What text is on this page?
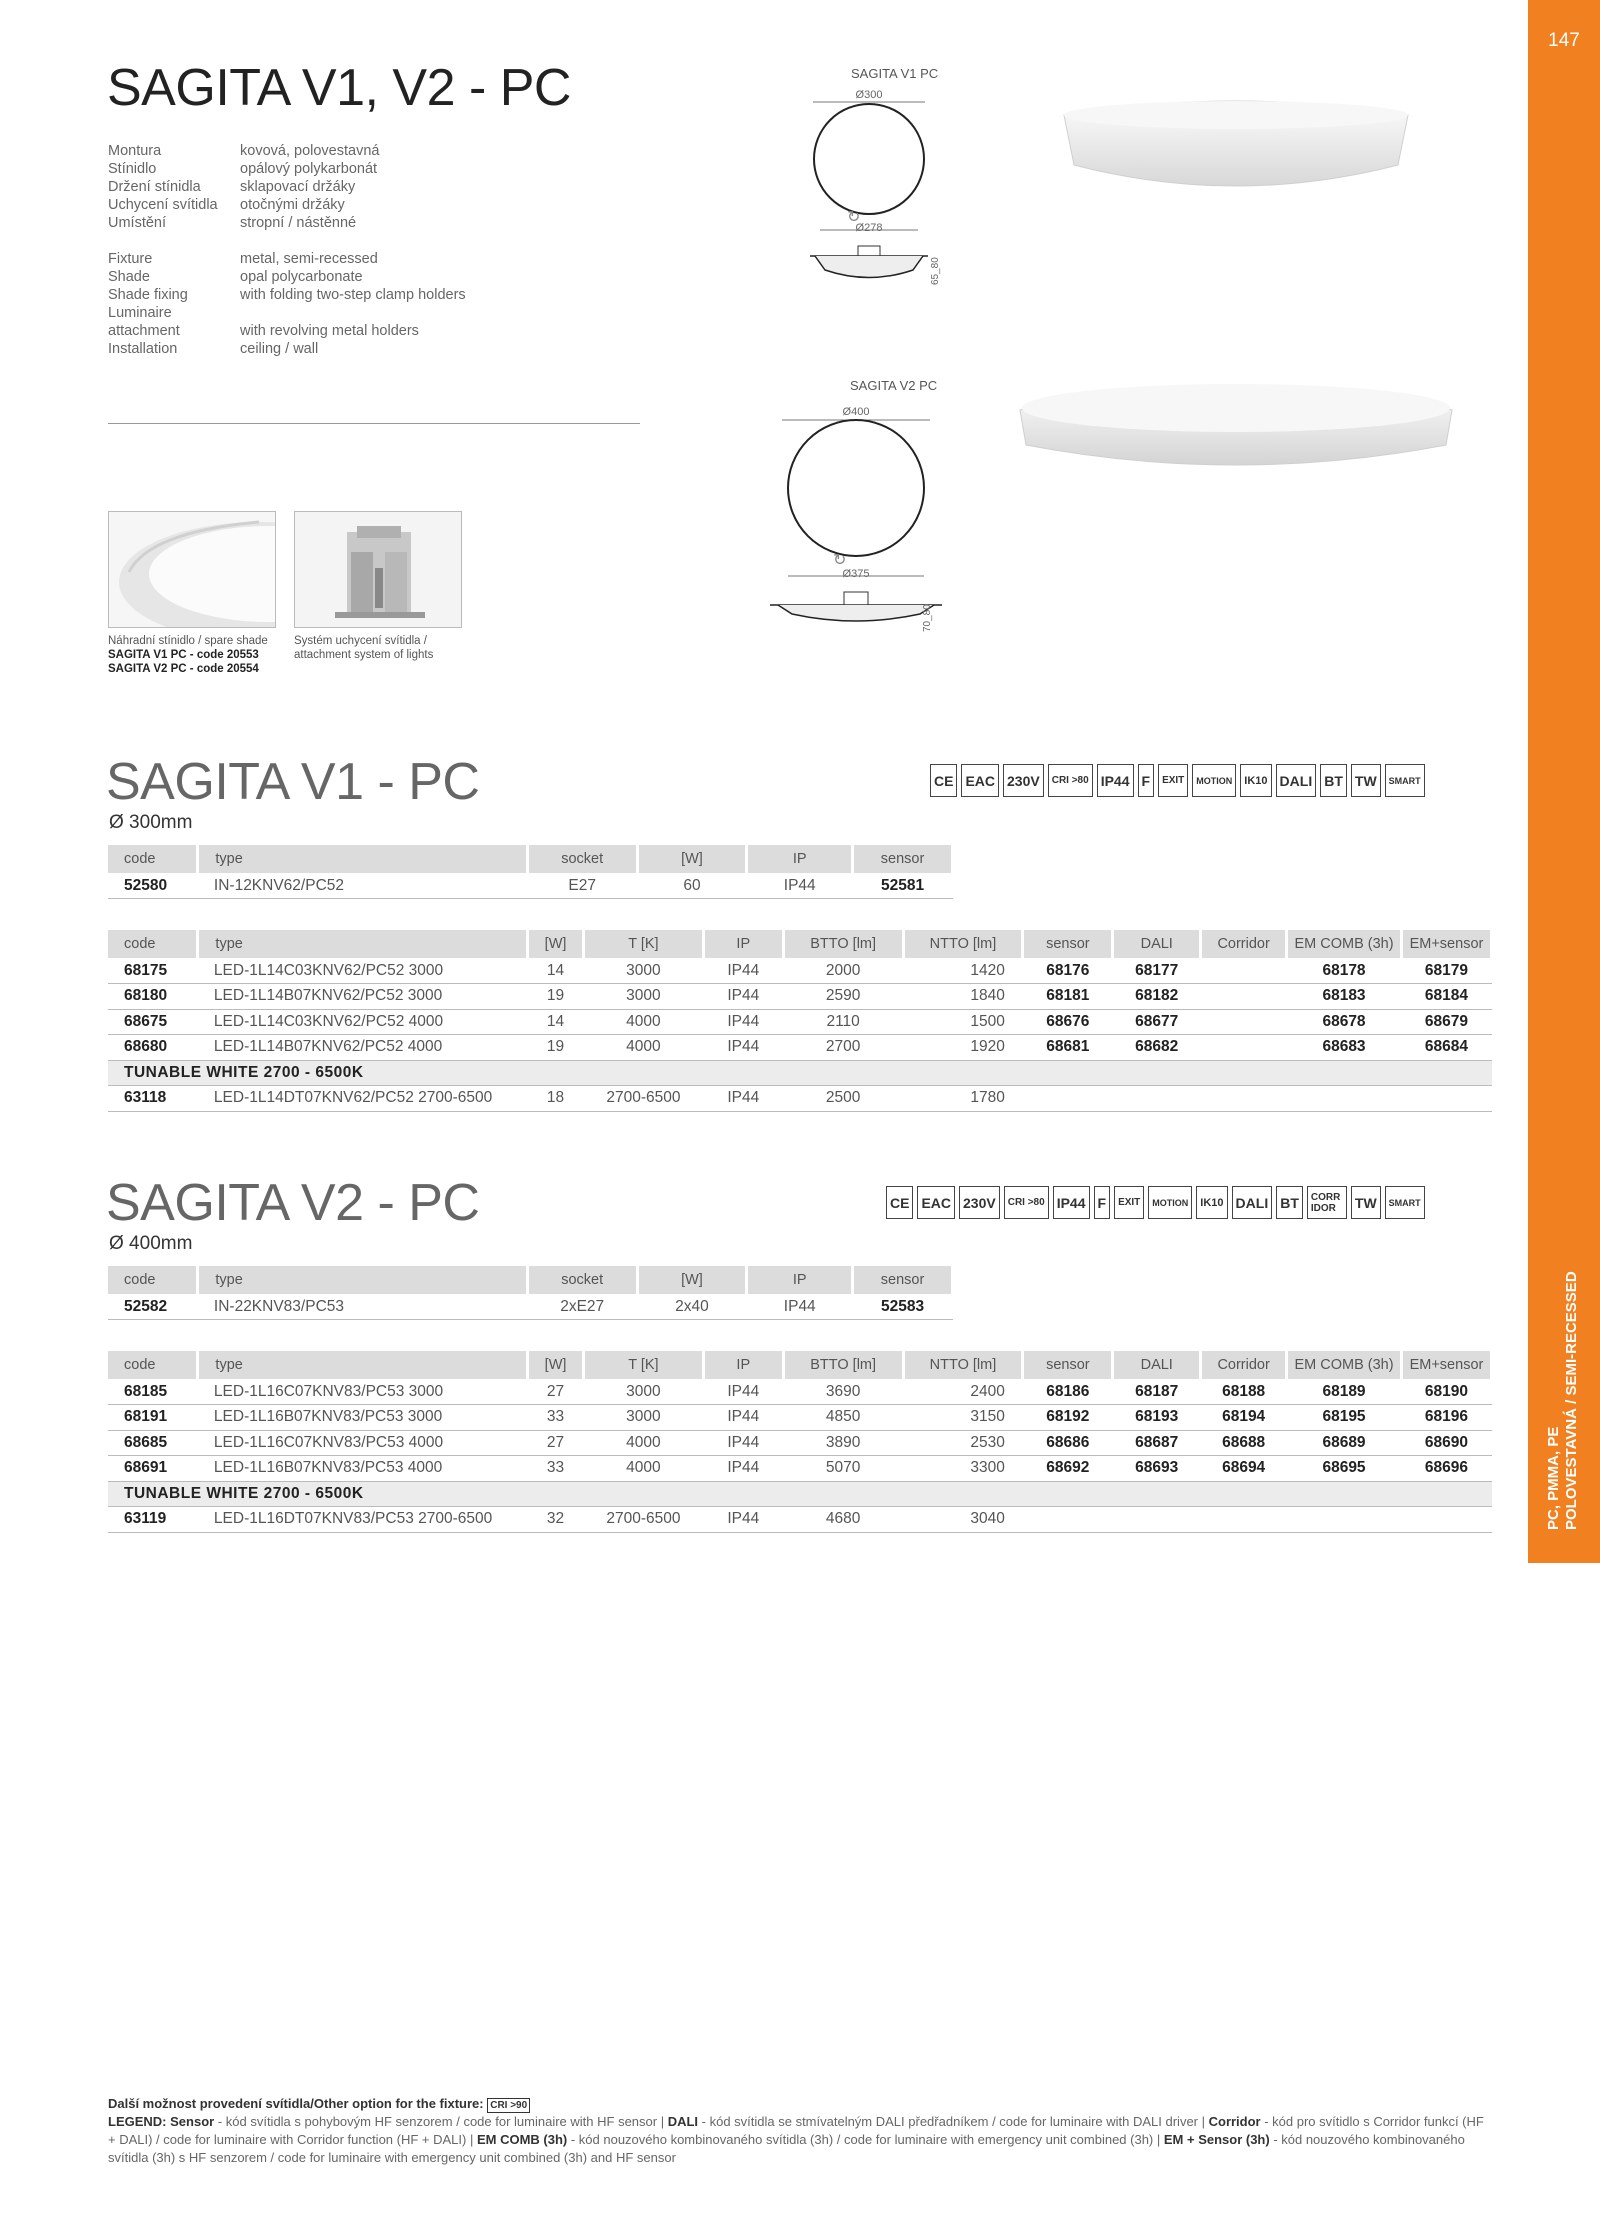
147
PC, PMMA, PE POLOVESTAVNÁ / SEMI-RECESSED
SAGITA V1, V2 - PC
Montura	kovová, polovestavná
Stínidlo	opálový polykarbonát
Držení stínidla	sklapovací držáky
Uchycení svítidla	otočnými držáky
Umístění	stropní / nástěnné
Fixture	metal, semi-recessed
Shade	opal polycarbonate
Shade fixing	with folding two-step clamp holders
Luminaire
attachment	with revolving metal holders
Installation	ceiling / wall
Náhradní stínidlo / spare shade
SAGITA V1 PC - code 20553
SAGITA V2 PC - code 20554
Systém uchycení svítidla /
attachment system of lights
SAGITA V1 PC
Ø300
↻
Ø278
65_80
SAGITA V2 PC
Ø400
↻
Ø375
70_80
SAGITA V1 - PC
Ø 300mm
CE EAC 230V	CRI >80 IP44 F	EXIT	MOTION	IK10 DALI BT TW	SMART
code	type	socket	[W]	IP	sensor
52580	IN-12KNV62/PC52	E27	60	IP44	52581
code	type	[W]	T [K]	IP	BTTO [lm]	NTTO [lm]	sensor	DALI	Corridor	EM COMB (3h)	EM+sensor
68175	LED-1L14C03KNV62/PC52 3000	14	3000	IP44	2000	1420	68176	68177		68178	68179
68180	LED-1L14B07KNV62/PC52 3000	19	3000	IP44	2590	1840	68181	68182		68183	68184
68675	LED-1L14C03KNV62/PC52 4000	14	4000	IP44	2110	1500	68676	68677		68678	68679
68680	LED-1L14B07KNV62/PC52 4000	19	4000	IP44	2700	1920	68681	68682		68683	68684
TUNABLE WHITE 2700 - 6500K											
63118	LED-1L14DT07KNV62/PC52 2700-6500	18	2700-6500	IP44	2500	1780					
SAGITA V2 - PC
Ø 400mm
CE EAC 230V	CRI >80 IP44 F	EXIT	MOTION	IK10 DALI BT	CORR IDOR	TW	SMART
code	type	socket	[W]	IP	sensor
52582	IN-22KNV83/PC53	2xE27	2x40	IP44	52583
code	type	[W]	T [K]	IP	BTTO [lm]	NTTO [lm]	sensor	DALI	Corridor	EM COMB (3h)	EM+sensor
68185	LED-1L16C07KNV83/PC53 3000	27	3000	IP44	3690	2400	68186	68187	68188	68189	68190
68191	LED-1L16B07KNV83/PC53 3000	33	3000	IP44	4850	3150	68192	68193	68194	68195	68196
68685	LED-1L16C07KNV83/PC53 4000	27	4000	IP44	3890	2530	68686	68687	68688	68689	68690
68691	LED-1L16B07KNV83/PC53 4000	33	4000	IP44	5070	3300	68692	68693	68694	68695	68696
TUNABLE WHITE 2700 - 6500K											
63119	LED-1L16DT07KNV83/PC53 2700-6500	32	2700-6500	IP44	4680	3040					
Další možnost provedení svítidla/Other option for the fixture: CRI >90
LEGEND: Sensor - kód svítidla s pohybovým HF senzorem / code for luminaire with HF sensor | DALI - kód svítidla se stmívatelným DALI předřadníkem / code for luminaire with DALI driver | Corridor - kód pro svítidlo s Corridor funkcí (HF + DALI) / code for luminaire with Corridor function (HF + DALI) | EM COMB (3h) - kód nouzového kombinovaného svítidla (3h) / code for luminaire with emergency unit combined (3h) | EM + Sensor (3h) - kód nouzového kombinovaného svítidla (3h) s HF senzorem / code for luminaire with emergency unit combined (3h) and HF sensor
